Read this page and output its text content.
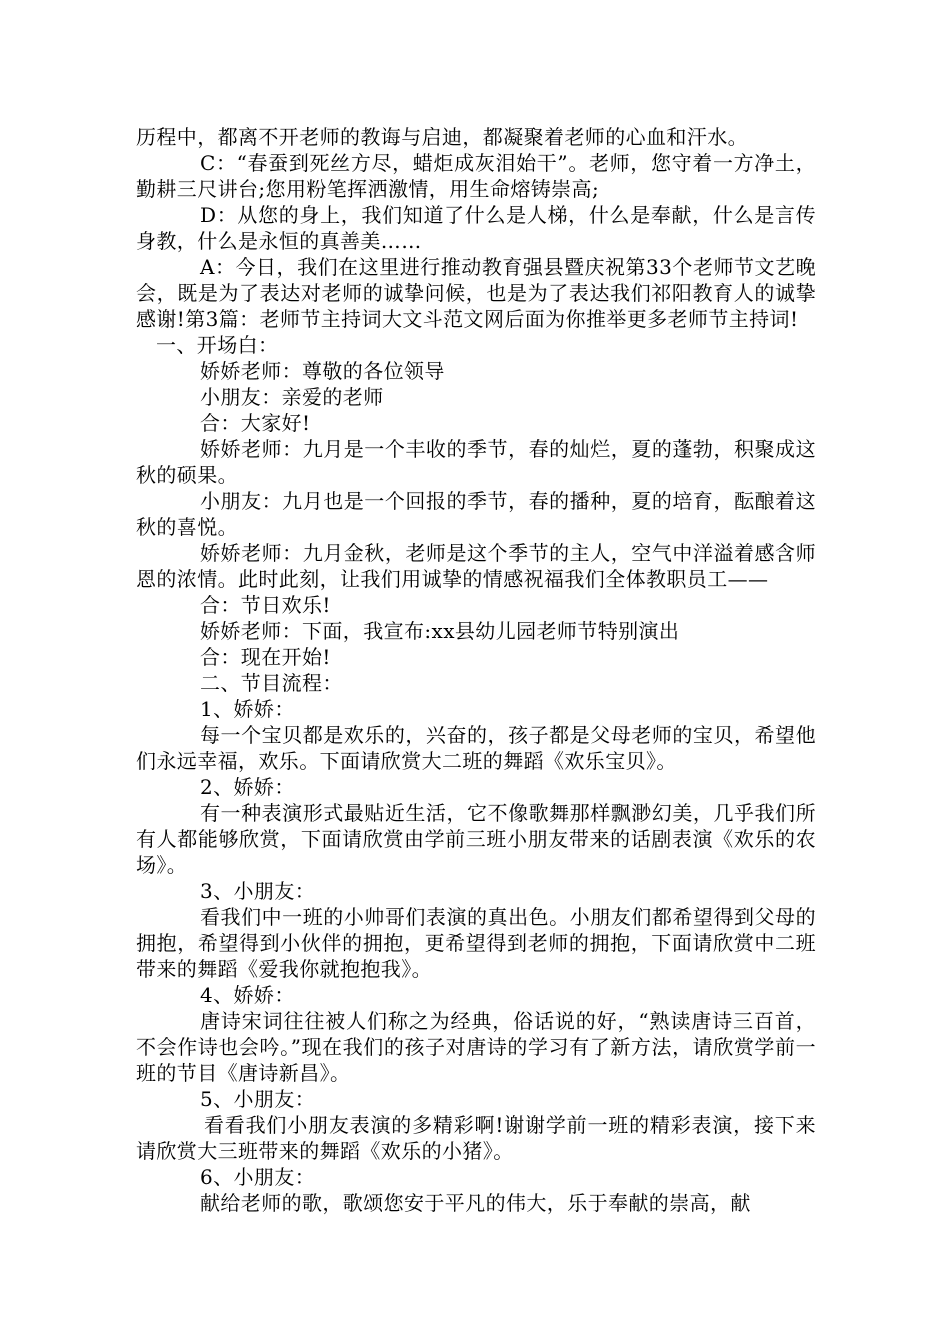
历程中，都离不开老师的教诲与启迪，都凝聚着老师的心血和汗水。

C：“春蚕到死丝方尽，蜡炬成灰泪始干”。老师，您守着一方净土，勤耕三尺讲台;您用粉笔挥洒激情，用生命熔铸崇高;

D：从您的身上，我们知道了什么是人梯，什么是奉献，什么是言传身教，什么是永恒的真善美……

A：今日，我们在这里进行推动教育强县暨庆祝第33个老师节文艺晚会，既是为了表达对老师的诚挚问候，也是为了表达我们祁阳教育人的诚挚感谢!第3篇：老师节主持词大文斗范文网后面为你推举更多老师节主持词!

一、开场白：

娇娇老师：尊敬的各位领导

小朋友：亲爱的老师

合：大家好!

娇娇老师：九月是一个丰收的季节，春的灿烂，夏的蓬勃，积聚成这秋的硕果。

小朋友：九月也是一个回报的季节，春的播种，夏的培育，酝酿着这秋的喜悦。

娇娇老师：九月金秋，老师是这个季节的主人，空气中洋溢着感含师恩的浓情。此时此刻，让我们用诚挚的情感祝福我们全体教职员工——

合：节日欢乐!

娇娇老师：下面，我宣布:xx县幼儿园老师节特别演出

合：现在开始!

二、节目流程：

1、娇娇：

每一个宝贝都是欢乐的，兴奋的，孩子都是父母老师的宝贝，希望他们永远幸福，欢乐。下面请欣赏大二班的舞蹈《欢乐宝贝》。

2、娇娇：

有一种表演形式最贴近生活，它不像歌舞那样飘渺幻美，几乎我们所有人都能够欣赏，下面请欣赏由学前三班小朋友带来的话剧表演《欢乐的农场》。

3、小朋友：

看我们中一班的小帅哥们表演的真出色。小朋友们都希望得到父母的拥抱，希望得到小伙伴的拥抱，更希望得到老师的拥抱，下面请欣赏中二班带来的舞蹈《爱我你就抱抱我》。

4、娇娇：

唐诗宋词往往被人们称之为经典，俗话说的好，“熟读唐诗三百首，不会作诗也会吟。”现在我们的孩子对唐诗的学习有了新方法，请欣赏学前一班的节目《唐诗新昌》。

5、小朋友：

看看我们小朋友表演的多精彩啊!谢谢学前一班的精彩表演，接下来请欣赏大三班带来的舞蹈《欢乐的小猪》。

6、小朋友：

献给老师的歌，歌颂您安于平凡的伟大，乐于奉献的崇高，献
